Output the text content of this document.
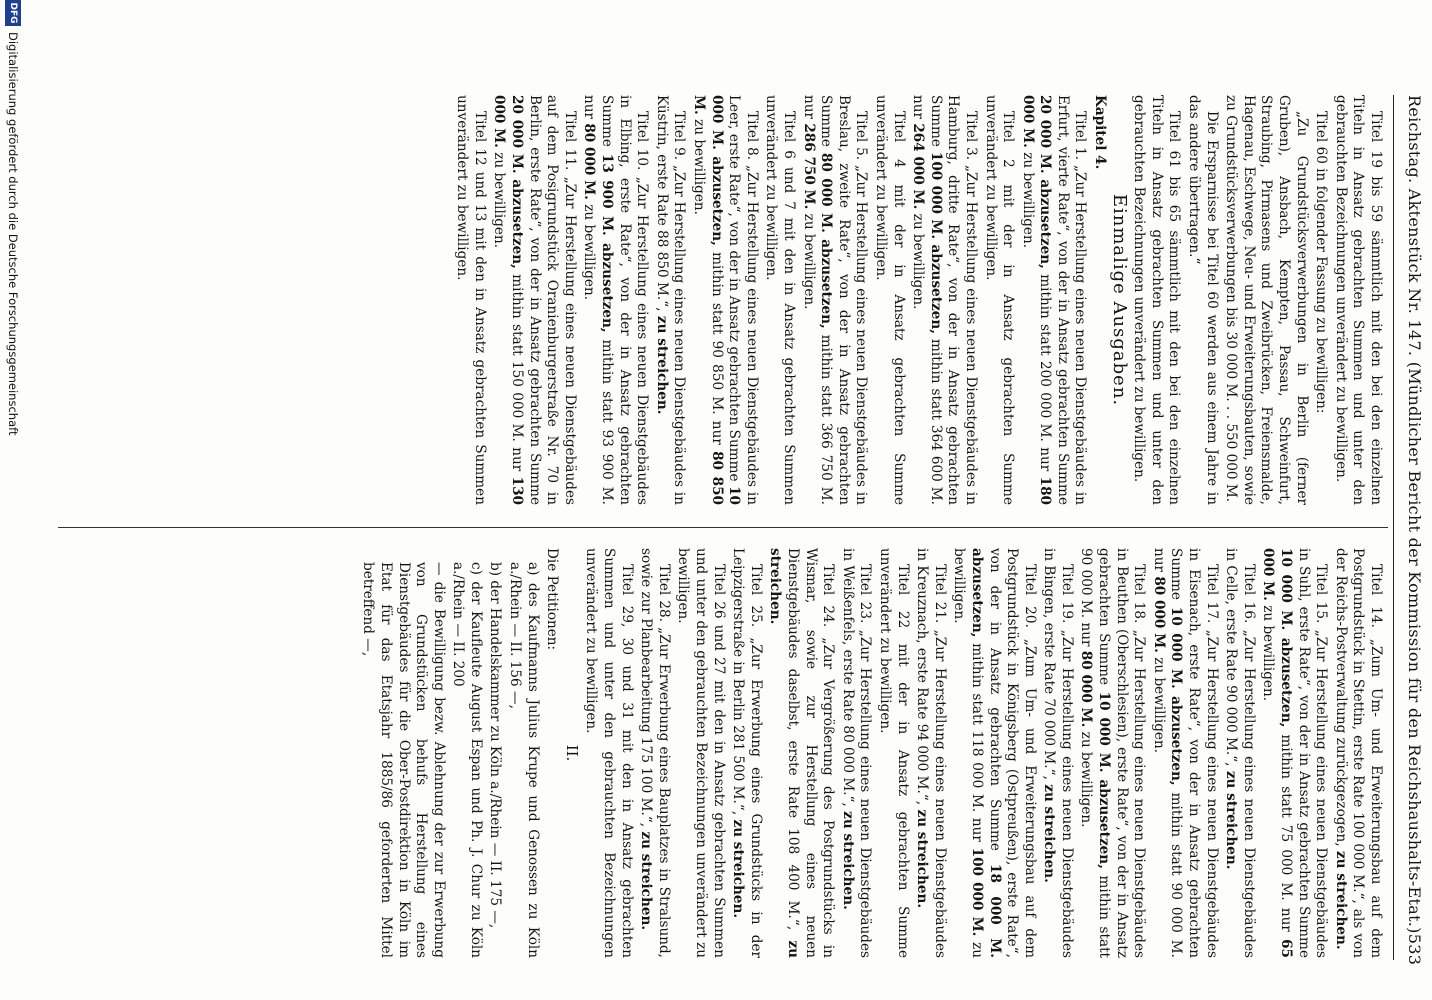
Reichstag. Aktenstück Nr. 147. (Mündlicher Bericht der Kommission für den Reichshaushalts-Etat.)
533

Titel 19 bis 59 sämmtlich mit den bei den einzelnen Titeln in Ansatz gebrachten Summen und unter den gebrauchten Bezeichnungen unverändert zu bewilligen.

Titel 60 in folgender Fassung zu bewilligen:

„Zu Grundstücksverwerbungen in Berlin (ferner Gruben), Ansbach, Kempten, Passau, Schweinfurt, Straubing, Pirmasens und Zweibrücken, Freiensmalde, Hagenau, Eschwege, Neu- und Erweiterungsbauten, sowie zu Grundstücksverwerbungen bis 30 000 M. . . 550 000 M.

Die Ersparnisse bei Titel 60 werden aus einem Jahre in das andere übertragen.“

Titel 61 bis 65 sämmtlich mit den bei den einzelnen Titeln in Ansatz gebrachten Summen und unter den gebrauchten Bezeichnungen unverändert zu bewilligen.

Einmalige Ausgaben.

Kapitel 4.

Titel 1. „Zur Herstellung eines neuen Dienstgebäudes in Erfurt, vierte Rate“, von der in Ansatz gebrachten Summe 20 000 M. abzusetzen, mithin statt 200 000 M. nur 180 000 M. zu bewilligen.

Titel 2 mit der in Ansatz gebrachten Summe unverändert zu bewilligen.

Titel 3. „Zur Herstellung eines neuen Dienstgebäudes in Hamburg, dritte Rate“, von der in Ansatz gebrachten Summe 100 000 M. abzusetzen, mithin statt 364 600 M. nur 264 000 M. zu bewilligen.

Titel 4 mit der in Ansatz gebrachten Summe unverändert zu bewilligen.

Titel 5. „Zur Herstellung eines neuen Dienstgebäudes in Breslau, zweite Rate“, von der in Ansatz gebrachten Summe 80 000 M. abzusetzen, mithin statt 366 750 M. nur 286 750 M. zu bewilligen.

Titel 6 und 7 mit den in Ansatz gebrachten Summen unverändert zu bewilligen.

Titel 8. „Zur Herstellung eines neuen Dienstgebäudes in Leer, erste Rate“, von der in Ansatz gebrachten Summe 10 000 M. abzusetzen, mithin statt 90 850 M. nur 80 850 M. zu bewilligen.

Titel 9. „Zur Herstellung eines neuen Dienstgebäudes in Küstrin, erste Rate 88 850 M.“, zu streichen.

Titel 10. „Zur Herstellung eines neuen Dienstgebäudes in Elbing, erste Rate“, von der in Ansatz gebrachten Summe 13 900 M. abzusetzen, mithin statt 93 900 M. nur 80 000 M. zu bewilligen.

Titel 11. „Zur Herstellung eines neuen Dienstgebäudes auf dem Posigrundstück Oranienburgerstraße Nr. 70 in Berlin, erste Rate“, von der in Ansatz gebrachten Summe 20 000 M. abzusetzen, mithin statt 150 000 M. nur 130 000 M. zu bewilligen.

Titel 12 und 13 mit den in Ansatz gebrachten Summen unverändert zu bewilligen.

Titel 14. „Zum Um- und Erweiterungsbau auf dem Postgrundstück in Stettin, erste Rate 100 000 M.“, als von der Reichs-Postverwaltung zurückgezogen, zu streichen.

Titel 15. „Zur Herstellung eines neuen Dienstgebäudes in Suhl, erste Rate“, von der in Ansatz gebrachten Summe 10 000 M. abzusetzen, mithin statt 75 000 M. nur 65 000 M. zu bewilligen.

Titel 16. „Zur Herstellung eines neuen Dienstgebäudes in Celle, erste Rate 90 000 M.“, zu streichen.

Titel 17. „Zur Herstellung eines neuen Dienstgebäudes in Eisenach, erste Rate“, von der in Ansatz gebrachten Summe 10 000 M. abzusetzen, mithin statt 90 000 M. nur 80 000 M. zu bewilligen.

Titel 18. „Zur Herstellung eines neuen Dienstgebäudes in Beuthen (Oberschlesien), erste Rate“, von der in Ansatz gebrachten Summe 10 000 M. abzusetzen, mithin statt 90 000 M. nur 80 000 M. zu bewilligen.

Titel 19. „Zur Herstellung eines neuen Dienstgebäudes in Bingen, erste Rate 70 000 M.“, zu streichen.

Titel 20. „Zum Um- und Erweiterungsbau auf dem Postgrundstück in Königsberg (Ostpreußen), erste Rate“, von der in Ansatz gebrachten Summe 18 000 M. abzusetzen, mithin statt 118 000 M. nur 100 000 M. zu bewilligen.

Titel 21. „Zur Herstellung eines neuen Dienstgebäudes in Kreuznach, erste Rate 94 000 M.“, zu streichen.

Titel 22 mit der in Ansatz gebrachten Summe unverändert zu bewilligen.

Titel 23. „Zur Herstellung eines neuen Dienstgebäudes in Weißenfels, erste Rate 80 000 M.“, zu streichen.

Titel 24. „Zur Vergrößerung des Postgrundstücks in Wismar, sowie zur Herstellung eines neuen Dienstgebäudes daselbst, erste Rate 108 400 M.“, zu streichen.

Titel 25. „Zur Erwerbung eines Grundstücks in der Leipzigerstraße in Berlin 281 500 M.“, zu streichen.

Titel 26 und 27 mit den in Ansatz gebrachten Summen und unter den gebrauchten Bezeichnungen unverändert zu bewilligen.

Titel 28. „Zur Erwerbung eines Bauplatzes in Stralsund, sowie zur Planbearbeitung 175 100 M.“, zu streichen.

Titel 29, 30 und 31 mit den in Ansatz gebrachten Summen und unter den gebrauchten Bezeichnungen unverändert zu bewilligen.

II.

Die Petitionen:

a) des Kaufmanns Julius Krupe und Genossen zu Köln a./Rhein — II. 156 —,

b) der Handelskammer zu Köln a./Rhein — II. 175 —,

c) der Kaufleute August Espan und Ph. J. Chur zu Köln a./Rhein — II. 200

— die Bewilligung bezw. Ablehnung der zur Erwerbung von Grundstücken behufs Herstellung eines Dienstgebäudes für die Ober-Postdirektion in Köln im Etat für das Etatsjahr 1885/86 geforderten Mittel betreffend —,

DFG
Digitalisierung gefördert durch die Deutsche Forschungsgemeinschaft
